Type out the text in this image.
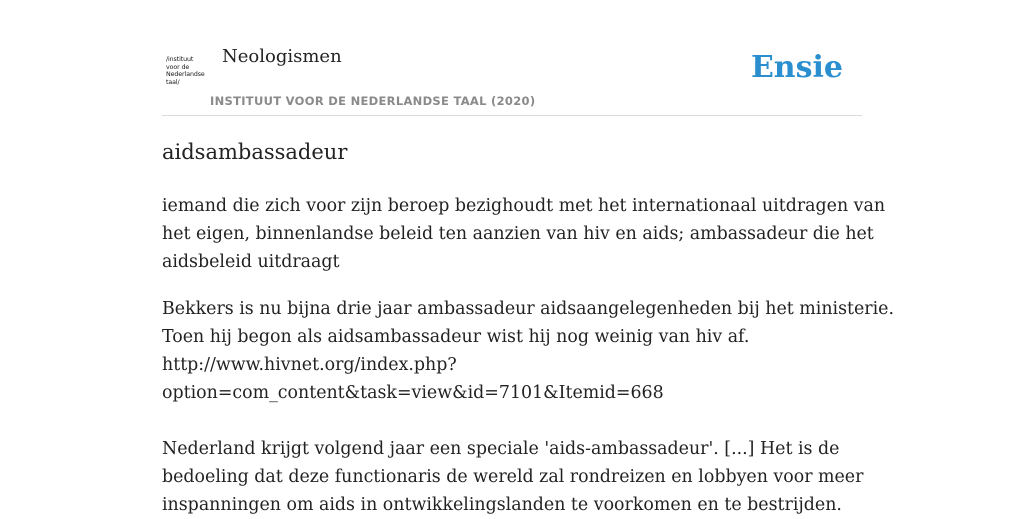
/instituut
voor de
Nederlandse
taal/
Neologismen
INSTITUUT VOOR DE NEDERLANDSE TAAL (2020)
Ensie
aidsambassadeur
iemand die zich voor zijn beroep bezighoudt met het internationaal uitdragen van
het eigen, binnenlandse beleid ten aanzien van hiv en aids; ambassadeur die het
aidsbeleid uitdraagt
Bekkers is nu bijna drie jaar ambassadeur aidsaangelegenheden bij het ministerie.
Toen hij begon als aidsambassadeur wist hij nog weinig van hiv af.
http://www.hivnet.org/index.php?
option=com_content&task=view&id=7101&Itemid=668
Nederland krijgt volgend jaar een speciale 'aids-ambassadeur'. [...] Het is de
bedoeling dat deze functionaris de wereld zal rondreizen en lobbyen voor meer
inspanningen om aids in ontwikkelingslanden te voorkomen en te bestrijden.
